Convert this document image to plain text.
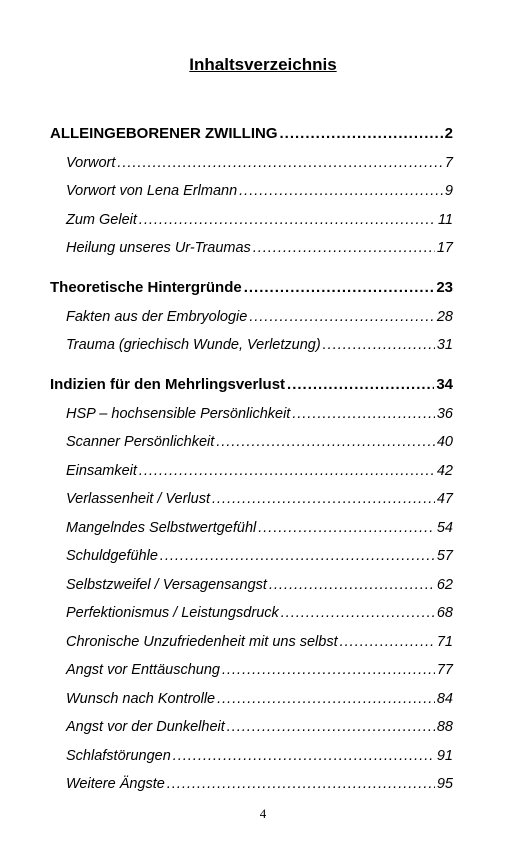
Inhaltsverzeichnis
ALLEINGEBORENER ZWILLING .....	2
Vorwort .....	7
Vorwort von Lena Erlmann .....	9
Zum Geleit .....	11
Heilung unseres Ur-Traumas .....	17
Theoretische Hintergründe .....	23
Fakten aus der Embryologie .....	28
Trauma (griechisch Wunde, Verletzung) .....	31
Indizien für den Mehrlingsverlust .....	34
HSP – hochsensible Persönlichkeit .....	36
Scanner Persönlichkeit .....	40
Einsamkeit .....	42
Verlassenheit / Verlust .....	47
Mangelndes Selbstwertgefühl .....	54
Schuldgefühle .....	57
Selbstzweifel / Versagensangst .....	62
Perfektionismus / Leistungsdruck .....	68
Chronische Unzufriedenheit mit uns selbst .....	71
Angst vor Enttäuschung .....	77
Wunsch nach Kontrolle .....	84
Angst vor der Dunkelheit .....	88
Schlafstörungen .....	91
Weitere Ängste .....	95
4
